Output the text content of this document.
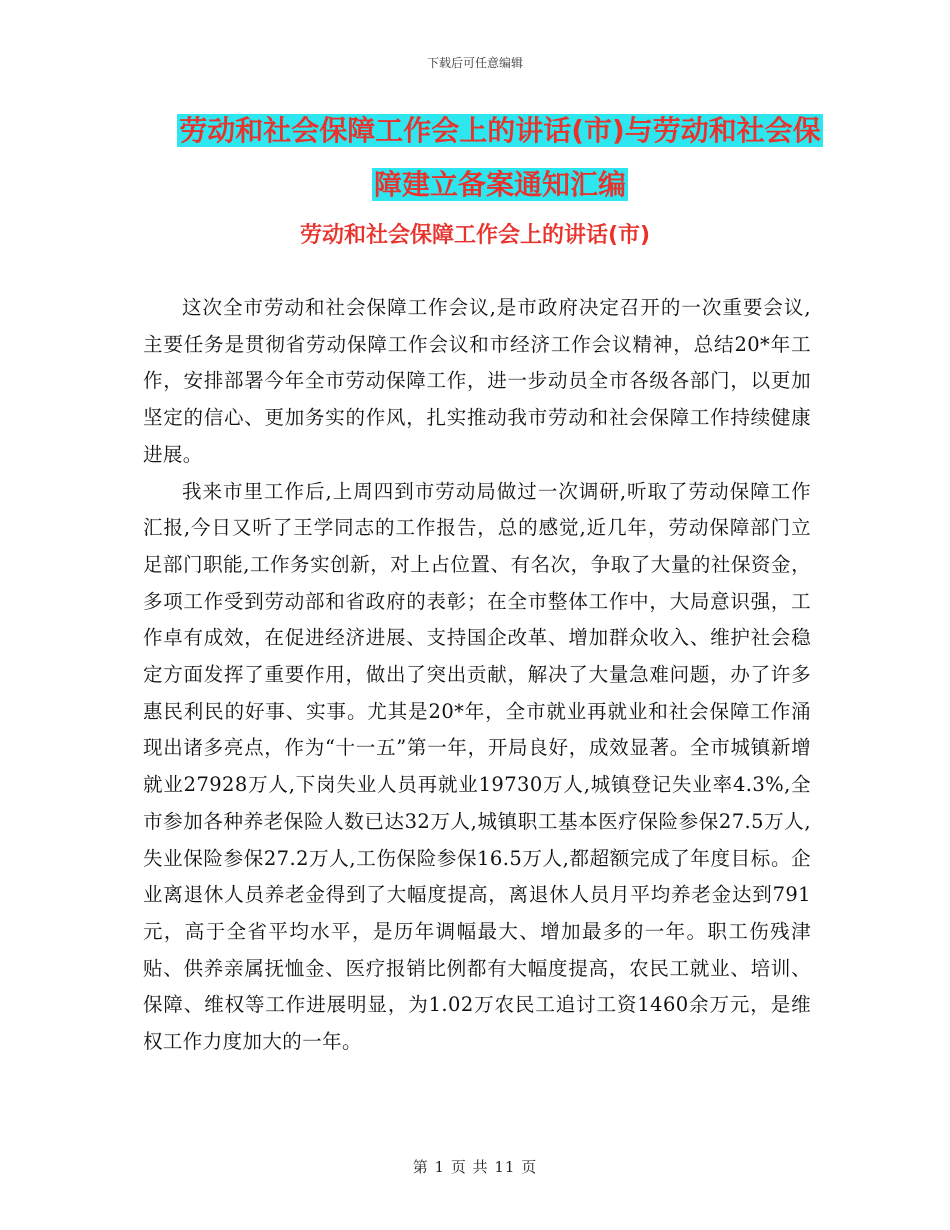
下载后可任意编辑
劳动和社会保障工作会上的讲话(市)与劳动和社会保
障建立备案通知汇编
劳动和社会保障工作会上的讲话(市)

这次全市劳动和社会保障工作会议,是市政府决定召开的一次重要会议,主要任务是贯彻省劳动保障工作会议和市经济工作会议精神，总结20*年工作，安排部署今年全市劳动保障工作，进一步动员全市各级各部门，以更加坚定的信心、更加务实的作风，扎实推动我市劳动和社会保障工作持续健康进展。

我来市里工作后,上周四到市劳动局做过一次调研,听取了劳动保障工作汇报,今日又听了王学同志的工作报告，总的感觉,近几年，劳动保障部门立足部门职能,工作务实创新，对上占位置、有名次，争取了大量的社保资金，多项工作受到劳动部和省政府的表彰；在全市整体工作中，大局意识强，工作卓有成效，在促进经济进展、支持国企改革、增加群众收入、维护社会稳定方面发挥了重要作用，做出了突出贡献，解决了大量急难问题，办了许多惠民利民的好事、实事。尤其是20*年，全市就业再就业和社会保障工作涌现出诸多亮点，作为“十一五”第一年，开局良好，成效显著。全市城镇新增就业27928万人,下岗失业人员再就业19730万人,城镇登记失业率4.3%,全市参加各种养老保险人数已达32万人,城镇职工基本医疗保险参保27.5万人,失业保险参保27.2万人,工伤保险参保16.5万人,都超额完成了年度目标。企业离退休人员养老金得到了大幅度提高，离退休人员月平均养老金达到791元，高于全省平均水平，是历年调幅最大、增加最多的一年。职工伤残津贴、供养亲属抚恤金、医疗报销比例都有大幅度提高，农民工就业、培训、保障、维权等工作进展明显，为1.02万农民工追讨工资1460余万元，是维权工作力度加大的一年。

第 1 页 共 11 页
